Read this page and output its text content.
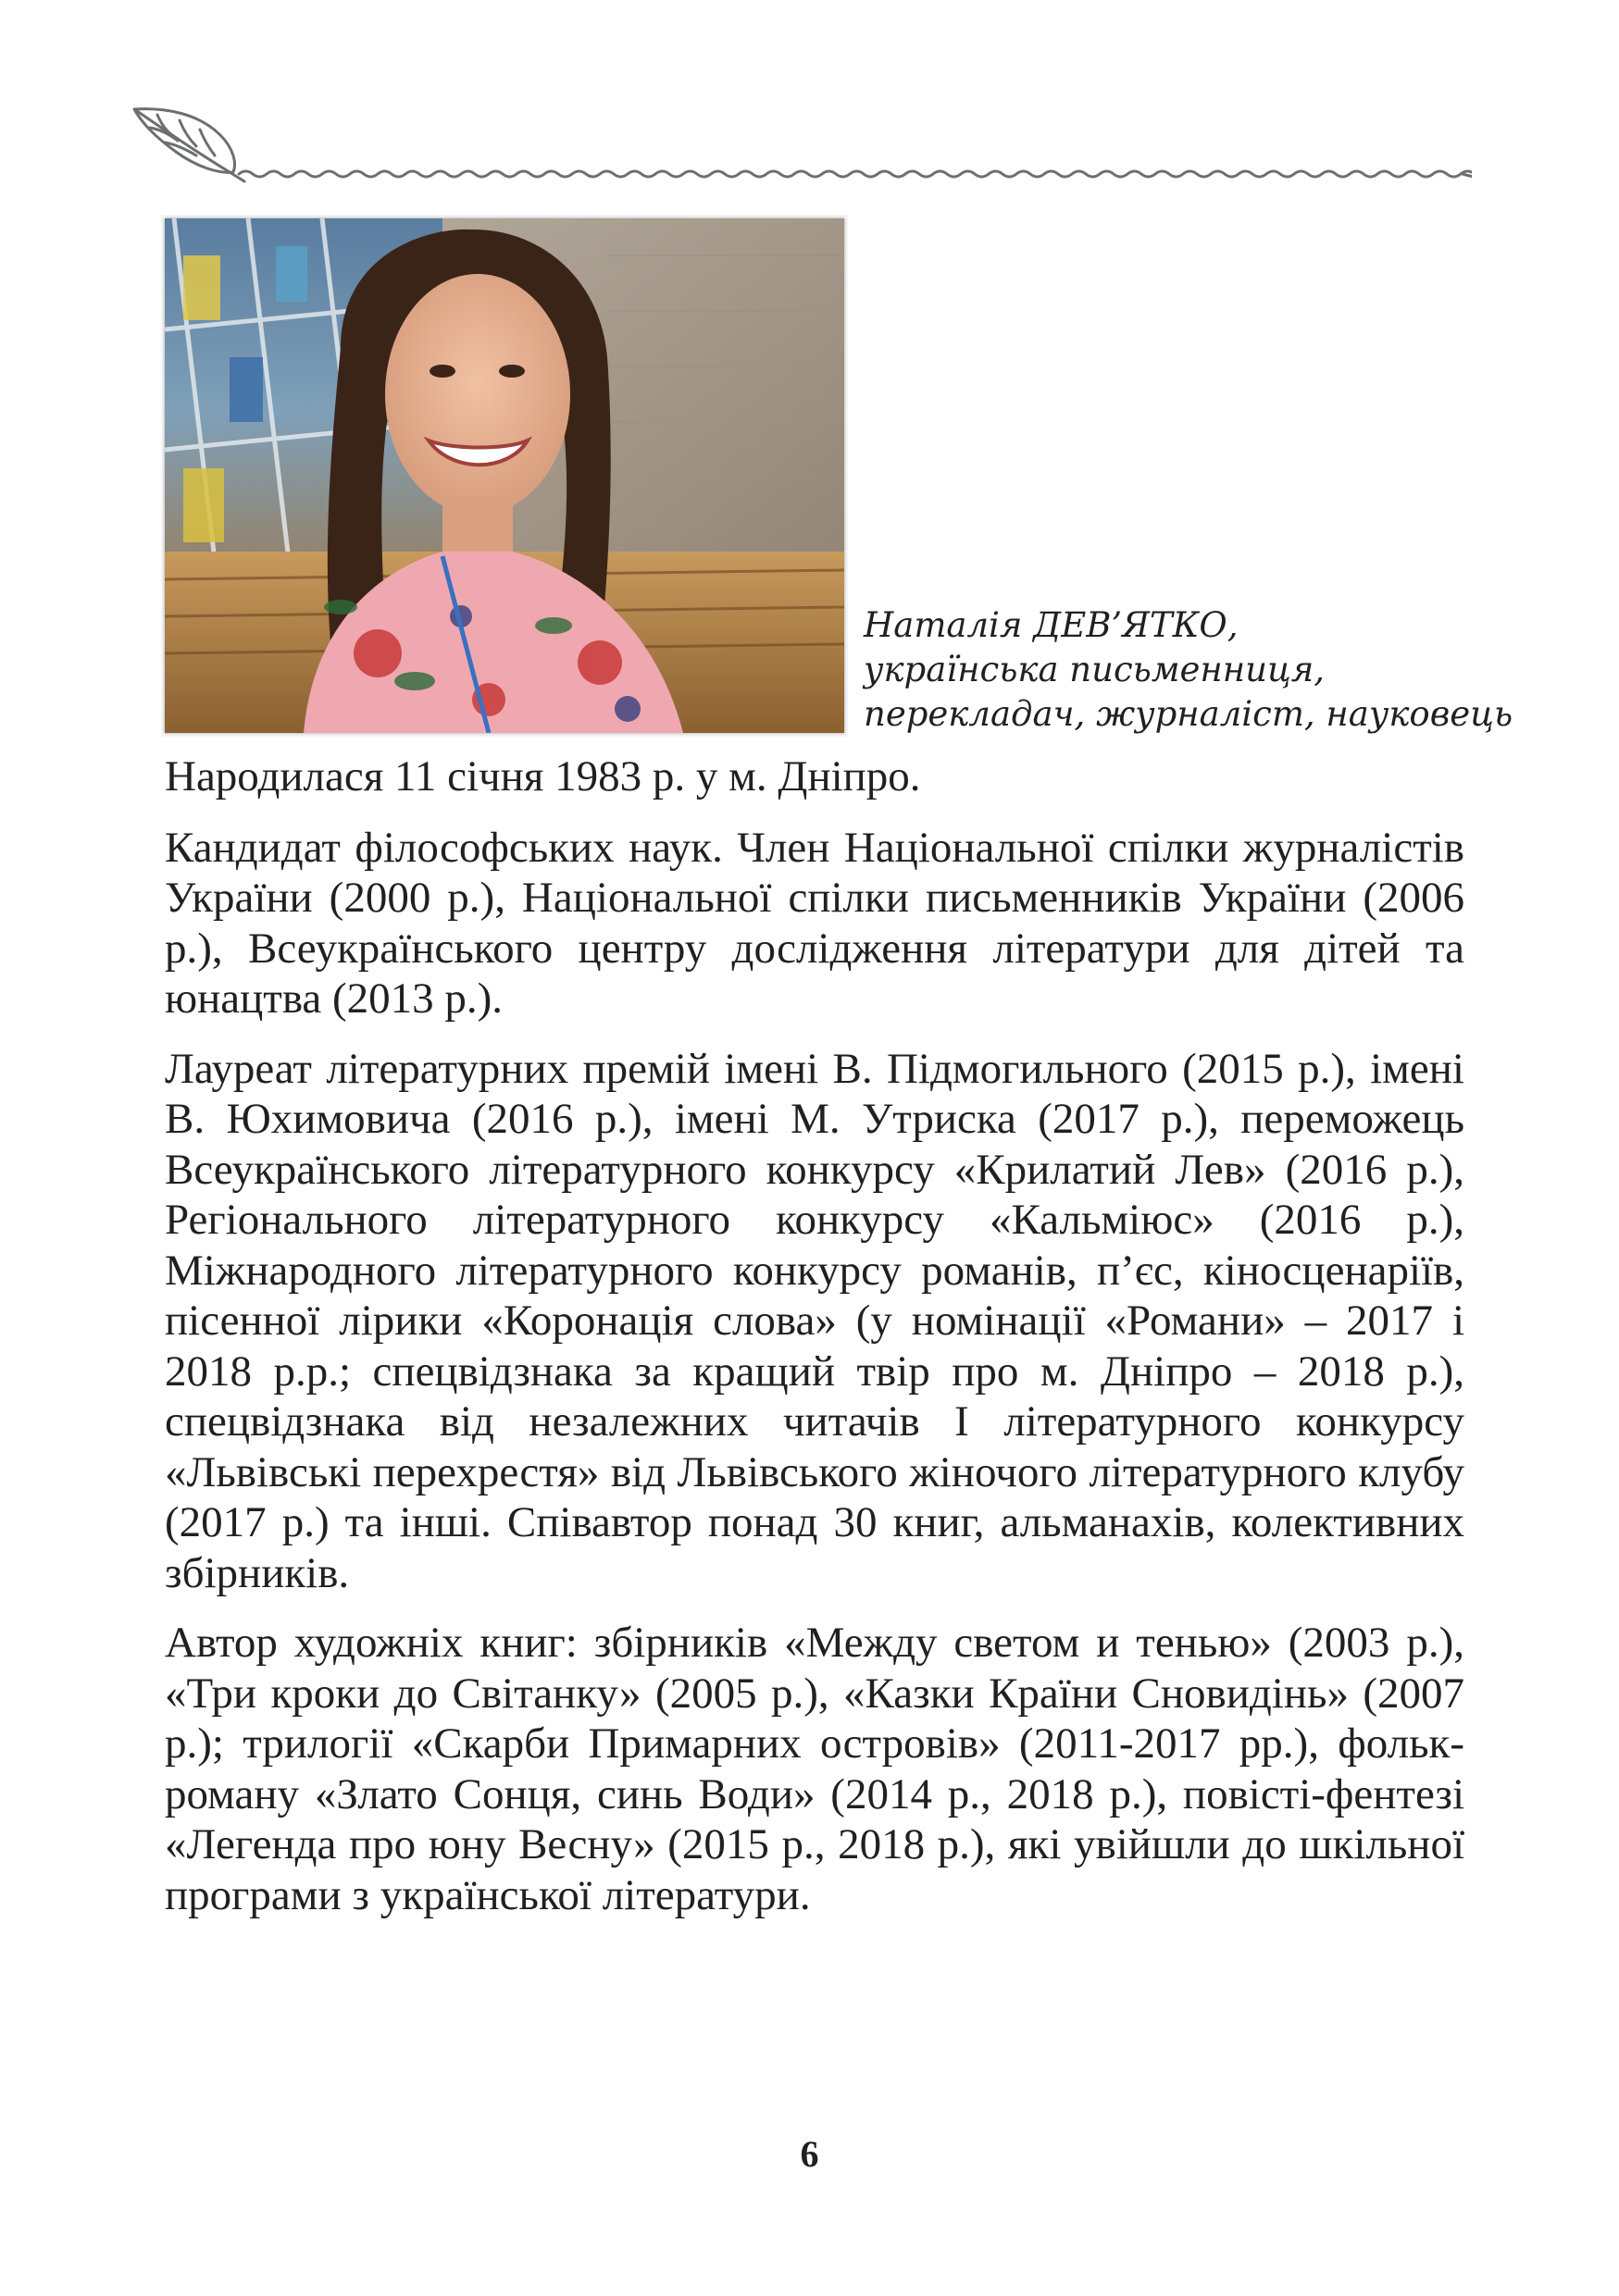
Наталія ДЕВ’ЯТКО,
українська письменниця,
перекладач, журналіст, науковець

Народилася 11 січня 1983 р. у м. Дніпро.

Кандидат філософських наук. Член Національної спілки журналістів України (2000 р.), Національної спілки письменників України (2006 р.), Всеукраїнського центру дослідження літератури для дітей та юнацтва (2013 р.).

Лауреат літературних премій імені В. Підмогильного (2015 р.), імені В. Юхимовича (2016 р.), імені М. Утриска (2017 р.), переможець Всеукраїнського літературного конкурсу «Крилатий Лев» (2016 р.), Регіонального літературного конкурсу «Кальміюс» (2016 р.), Міжнародного літературного конкурсу романів, п’єс, кіносценаріїв, пісенної лірики «Коронація слова» (у номінації «Романи» – 2017 і 2018 р.р.; спецвідзнака за кращий твір про м. Дніпро – 2018 р.), спецвідзнака від незалежних читачів І літературного конкурсу «Львівські перехрестя» від Львівського жіночого літературного клубу (2017 р.) та інші. Співавтор понад 30 книг, альманахів, колективних збірників.

Автор художніх книг: збірників «Между светом и тенью» (2003 р.), «Три кроки до Світанку» (2005 р.), «Казки Країни Сновидінь» (2007 р.); трилогії «Скарби Примарних островів» (2011-2017 рр.), фольк-роману «Злато Сонця, синь Води» (2014 р., 2018 р.), повісті-фентезі «Легенда про юну Весну» (2015 р., 2018 р.), які увійшли до шкільної програми з української літератури.

6
